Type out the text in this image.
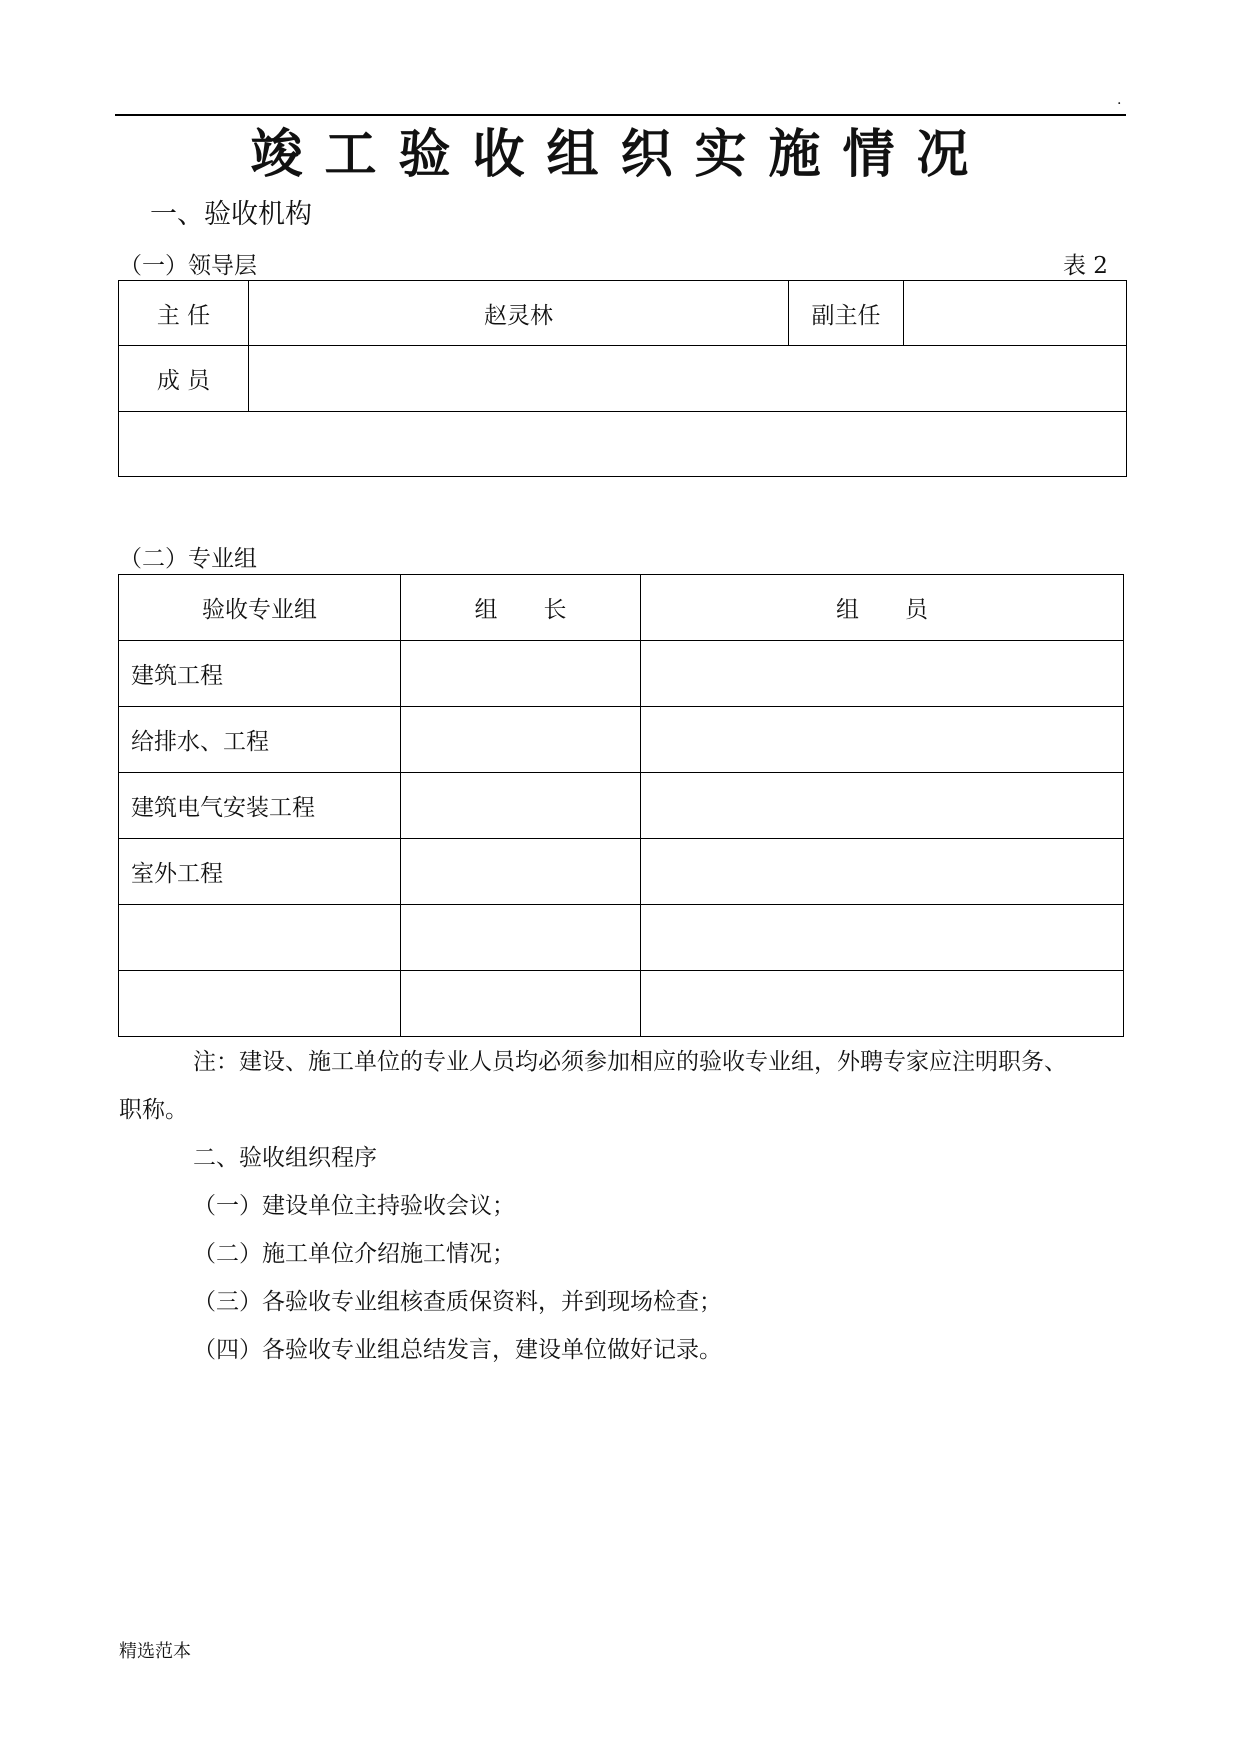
.
竣工验收组织实施情况
一、验收机构
（一）领导层	表 2
主 任	赵灵林	副主任	
成 员			

（二）专业组
验收专业组	组　　长	组　　员
建筑工程		
给排水、工程		
建筑电气安装工程		
室外工程		

注：建设、施工单位的专业人员均必须参加相应的验收专业组，外聘专家应注明职务、
职称。
二、验收组织程序
（一）建设单位主持验收会议；
（二）施工单位介绍施工情况；
（三）各验收专业组核查质保资料，并到现场检查；
（四）各验收专业组总结发言，建设单位做好记录。
精选范本
